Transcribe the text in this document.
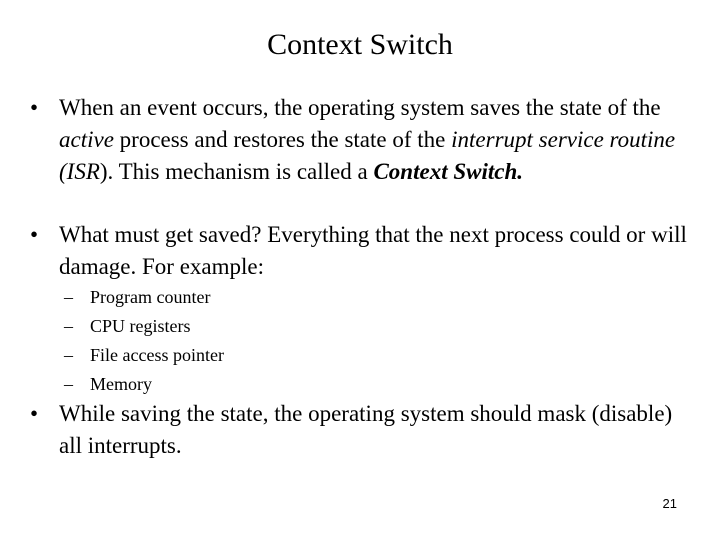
Context Switch
• When an event occurs, the operating system saves the state of the active process and restores the state of the interrupt service routine (ISR). This mechanism is called a Context Switch.
• What must get saved? Everything that the next process could or will damage. For example:
– Program counter
– CPU registers
– File access pointer
– Memory
• While saving the state, the operating system should mask (disable) all interrupts.
21
